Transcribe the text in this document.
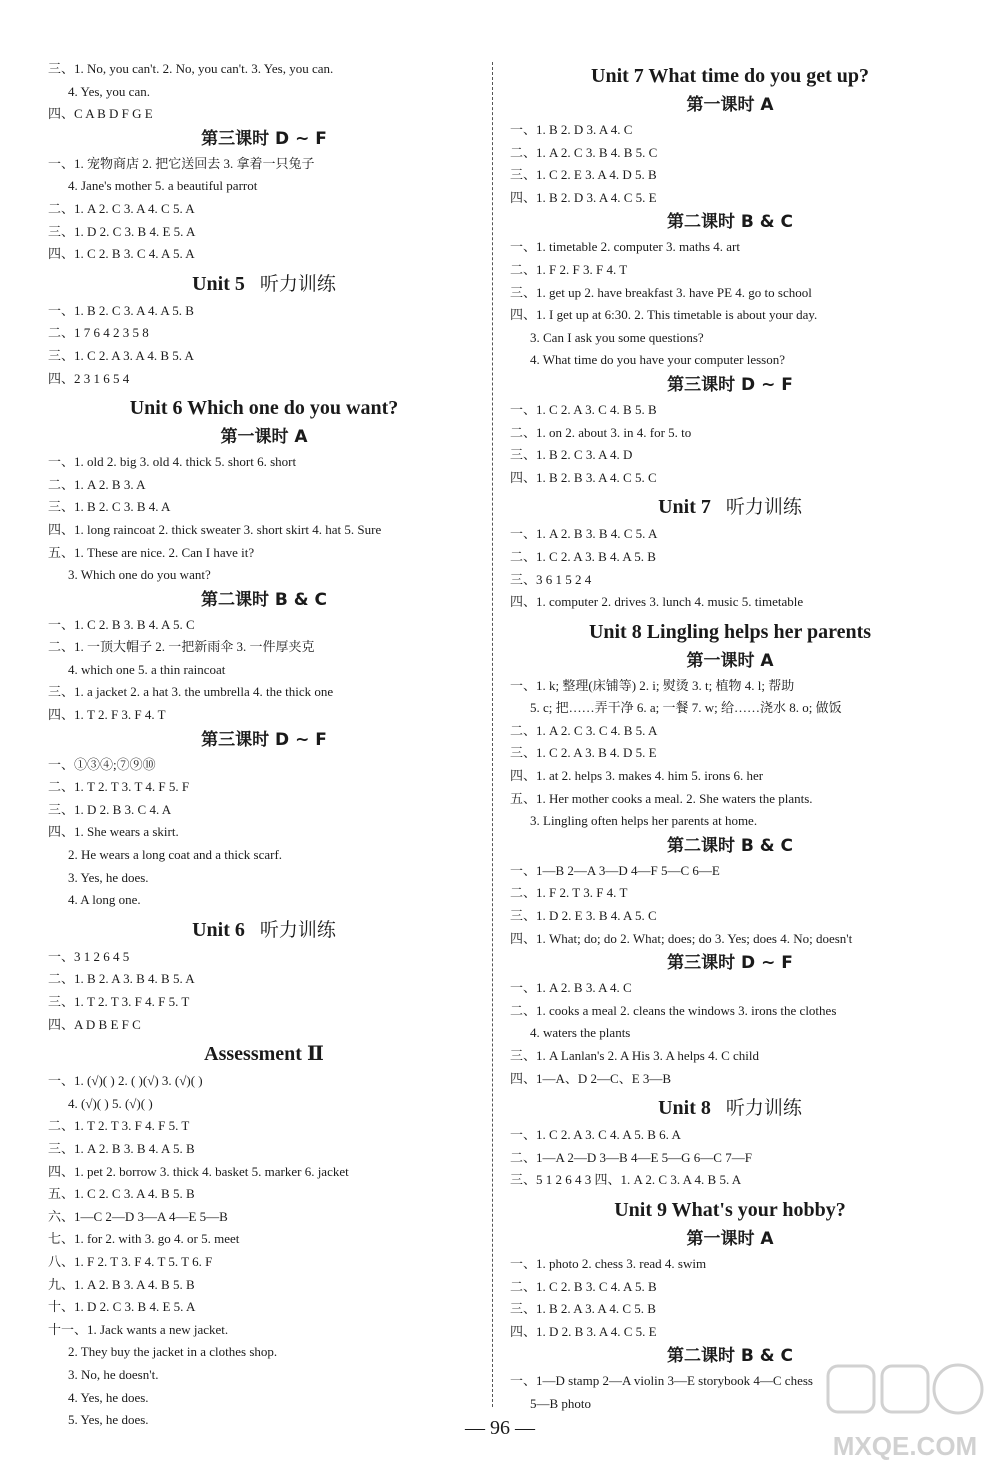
三、1. No, you can't. 2. No, you can't. 3. Yes, you can.
4. Yes, you can.
四、C A B D F G E
第三课时 D ~ F
一、1. 宠物商店 2. 把它送回去 3. 拿着一只兔子
4. Jane's mother 5. a beautiful parrot
二、1. A 2. C 3. A 4. C 5. A
三、1. D 2. C 3. B 4. E 5. A
四、1. C 2. B 3. C 4. A 5. A
Unit 5 听力训练
一、1. B 2. C 3. A 4. A 5. B
二、1 7 6 4 2 3 5 8
三、1. C 2. A 3. A 4. B 5. A
四、2 3 1 6 5 4
Unit 6 Which one do you want?
第一课时 A
一、1. old 2. big 3. old 4. thick 5. short 6. short
二、1. A 2. B 3. A
三、1. B 2. C 3. B 4. A
四、1. long raincoat 2. thick sweater 3. short skirt 4. hat 5. Sure
五、1. These are nice. 2. Can I have it?
3. Which one do you want?
第二课时 B & C
一、1. C 2. B 3. B 4. A 5. C
二、1. 一顶大帽子 2. 一把新雨伞 3. 一件厚夹克
4. which one 5. a thin raincoat
三、1. a jacket 2. a hat 3. the umbrella 4. the thick one
四、1. T 2. F 3. F 4. T
第三课时 D ~ F
一、①③④;⑦⑨⑩
二、1. T 2. T 3. T 4. F 5. F
三、1. D 2. B 3. C 4. A
四、1. She wears a skirt.
2. He wears a long coat and a thick scarf.
3. Yes, he does.
4. A long one.
Unit 6 听力训练
一、3 1 2 6 4 5
二、1. B 2. A 3. B 4. B 5. A
三、1. T 2. T 3. F 4. F 5. T
四、A D B E F C
Assessment Ⅱ
一、1. (√)( ) 2. ( )(√) 3. (√)( )
4. (√)( ) 5. (√)( )
二、1. T 2. T 3. F 4. F 5. T
三、1. A 2. B 3. B 4. A 5. B
四、1. pet 2. borrow 3. thick 4. basket 5. marker 6. jacket
五、1. C 2. C 3. A 4. B 5. B
六、1—C 2—D 3—A 4—E 5—B
七、1. for 2. with 3. go 4. or 5. meet
八、1. F 2. T 3. F 4. T 5. T 6. F
九、1. A 2. B 3. A 4. B 5. B
十、1. D 2. C 3. B 4. E 5. A
十一、1. Jack wants a new jacket.
2. They buy the jacket in a clothes shop.
3. No, he doesn't.
4. Yes, he does.
5. Yes, he does.
Unit 7 What time do you get up?
第一课时 A
一、1. B 2. D 3. A 4. C
二、1. A 2. C 3. B 4. B 5. C
三、1. C 2. E 3. A 4. D 5. B
四、1. B 2. D 3. A 4. C 5. E
第二课时 B & C
一、1. timetable 2. computer 3. maths 4. art
二、1. F 2. F 3. F 4. T
三、1. get up 2. have breakfast 3. have PE 4. go to school
四、1. I get up at 6:30. 2. This timetable is about your day.
3. Can I ask you some questions?
4. What time do you have your computer lesson?
第三课时 D ~ F
一、1. C 2. A 3. C 4. B 5. B
二、1. on 2. about 3. in 4. for 5. to
三、1. B 2. C 3. A 4. D
四、1. B 2. B 3. A 4. C 5. C
Unit 7 听力训练
一、1. A 2. B 3. B 4. C 5. A
二、1. C 2. A 3. B 4. A 5. B
三、3 6 1 5 2 4
四、1. computer 2. drives 3. lunch 4. music 5. timetable
Unit 8 Lingling helps her parents
第一课时 A
一、1. k; 整理(床铺等) 2. i; 熨烫 3. t; 植物 4. l; 帮助
5. c; 把……弄干净 6. a; 一餐 7. w; 给……浇水 8. o; 做饭
二、1. A 2. C 3. C 4. B 5. A
三、1. C 2. A 3. B 4. D 5. E
四、1. at 2. helps 3. makes 4. him 5. irons 6. her
五、1. Her mother cooks a meal. 2. She waters the plants.
3. Lingling often helps her parents at home.
第二课时 B & C
一、1—B 2—A 3—D 4—F 5—C 6—E
二、1. F 2. T 3. F 4. T
三、1. D 2. E 3. B 4. A 5. C
四、1. What; do; do 2. What; does; do 3. Yes; does 4. No; doesn't
第三课时 D ~ F
一、1. A 2. B 3. A 4. C
二、1. cooks a meal 2. cleans the windows 3. irons the clothes
4. waters the plants
三、1. A Lanlan's 2. A His 3. A helps 4. C child
四、1—A、D 2—C、E 3—B
Unit 8 听力训练
一、1. C 2. A 3. C 4. A 5. B 6. A
二、1—A 2—D 3—B 4—E 5—G 6—C 7—F
三、5 1 2 6 4 3 四、1. A 2. C 3. A 4. B 5. A
Unit 9 What's your hobby?
第一课时 A
一、1. photo 2. chess 3. read 4. swim
二、1. C 2. B 3. C 4. A 5. B
三、1. B 2. A 3. A 4. C 5. B
四、1. D 2. B 3. A 4. C 5. E
第二课时 B & C
一、1—D stamp 2—A violin 3—E storybook 4—C chess
5—B photo
— 96 —
MXQE.COM
